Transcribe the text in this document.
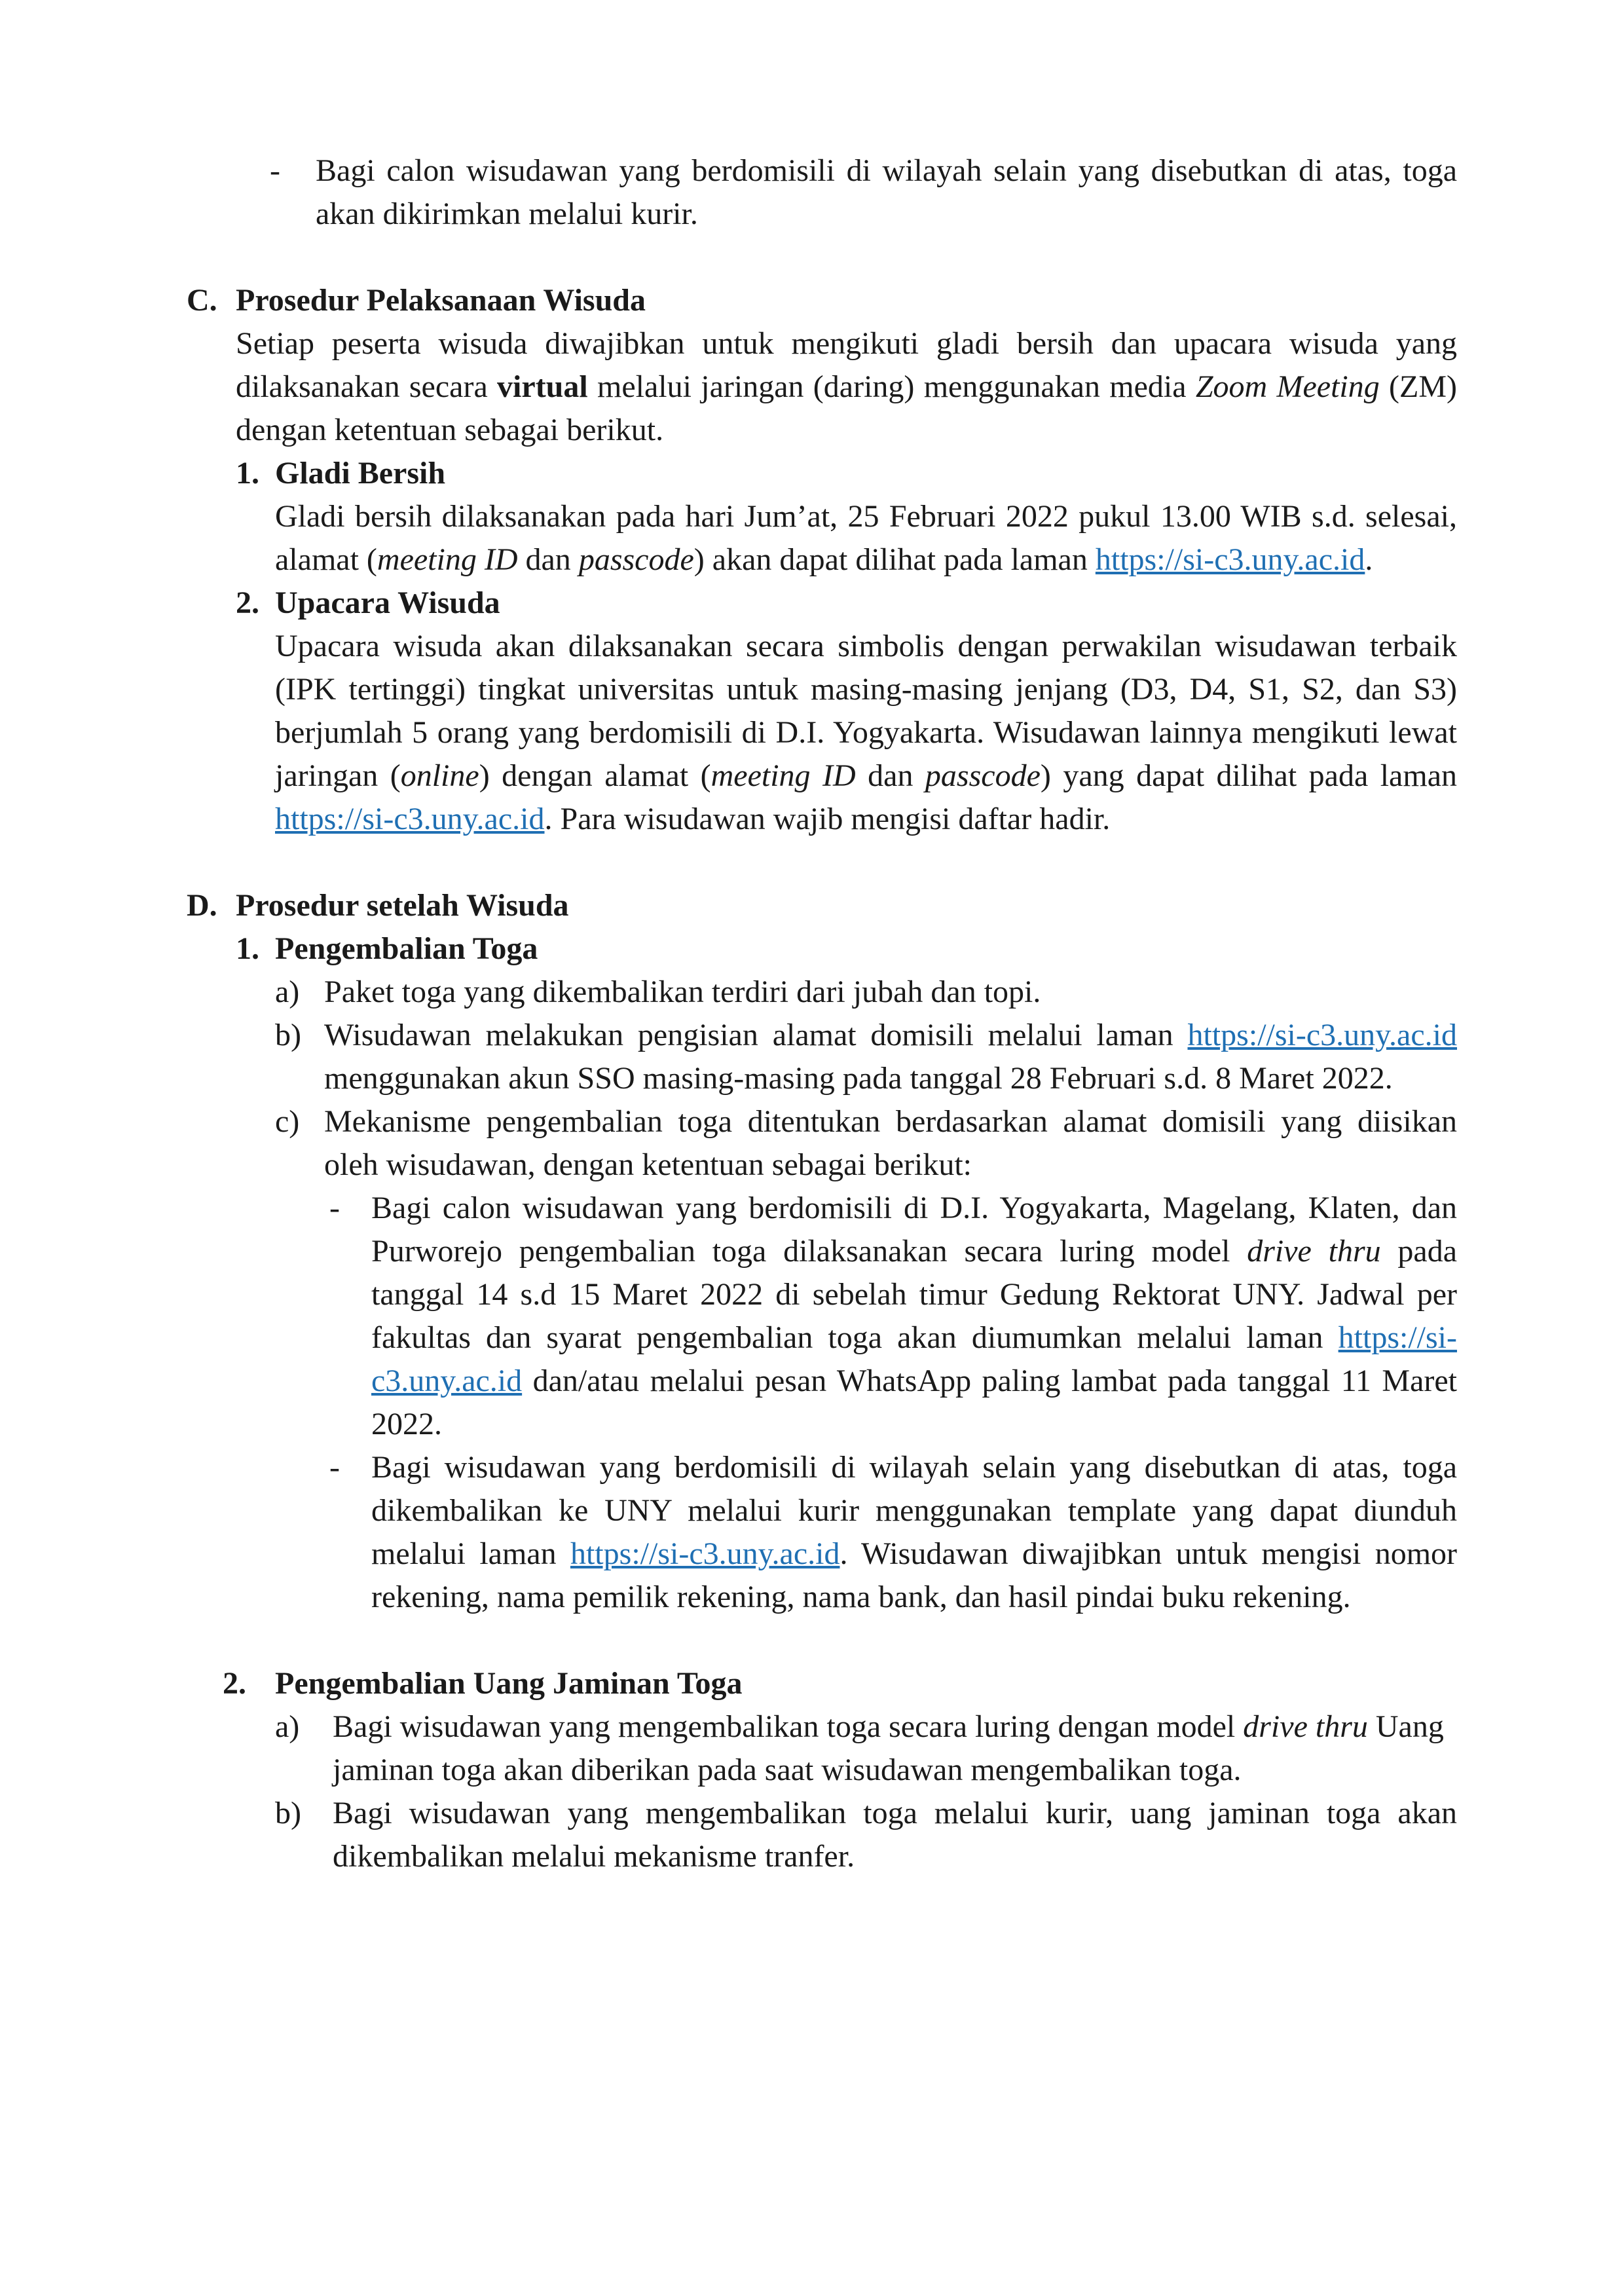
-	Bagi calon wisudawan yang berdomisili di wilayah selain yang disebutkan di atas, toga akan dikirimkan melalui kurir.
C. Prosedur Pelaksanaan Wisuda
Setiap peserta wisuda diwajibkan untuk mengikuti gladi bersih dan upacara wisuda yang dilaksanakan secara virtual melalui jaringan (daring) menggunakan media Zoom Meeting (ZM) dengan ketentuan sebagai berikut.
1. Gladi Bersih
Gladi bersih dilaksanakan pada hari Jum’at, 25 Februari 2022 pukul 13.00 WIB s.d. selesai, alamat (meeting ID dan passcode) akan dapat dilihat pada laman https://si-c3.uny.ac.id.
2. Upacara Wisuda
Upacara wisuda akan dilaksanakan secara simbolis dengan perwakilan wisudawan terbaik (IPK tertinggi) tingkat universitas untuk masing-masing jenjang (D3, D4, S1, S2, dan S3) berjumlah 5 orang yang berdomisili di D.I. Yogyakarta. Wisudawan lainnya mengikuti lewat jaringan (online) dengan alamat (meeting ID dan passcode) yang dapat dilihat pada laman https://si-c3.uny.ac.id. Para wisudawan wajib mengisi daftar hadir.
D. Prosedur setelah Wisuda
1. Pengembalian Toga
a) Paket toga yang dikembalikan terdiri dari jubah dan topi.
b) Wisudawan melakukan pengisian alamat domisili melalui laman https://si-c3.uny.ac.id menggunakan akun SSO masing-masing pada tanggal 28 Februari s.d. 8 Maret 2022.
c) Mekanisme pengembalian toga ditentukan berdasarkan alamat domisili yang diisikan oleh wisudawan, dengan ketentuan sebagai berikut:
-	Bagi calon wisudawan yang berdomisili di D.I. Yogyakarta, Magelang, Klaten, dan Purworejo pengembalian toga dilaksanakan secara luring model drive thru pada tanggal 14 s.d 15 Maret 2022 di sebelah timur Gedung Rektorat UNY. Jadwal per fakultas dan syarat pengembalian toga akan diumumkan melalui laman https://si-c3.uny.ac.id dan/atau melalui pesan WhatsApp paling lambat pada tanggal 11 Maret 2022.
-	Bagi wisudawan yang berdomisili di wilayah selain yang disebutkan di atas, toga dikembalikan ke UNY melalui kurir menggunakan template yang dapat diunduh melalui laman https://si-c3.uny.ac.id. Wisudawan diwajibkan untuk mengisi nomor rekening, nama pemilik rekening, nama bank, dan hasil pindai buku rekening.
2. Pengembalian Uang Jaminan Toga
a)	Bagi wisudawan yang mengembalikan toga secara luring dengan model drive thru Uang jaminan toga akan diberikan pada saat wisudawan mengembalikan toga.
b)	Bagi wisudawan yang mengembalikan toga melalui kurir, uang jaminan toga akan dikembalikan melalui mekanisme tranfer.
